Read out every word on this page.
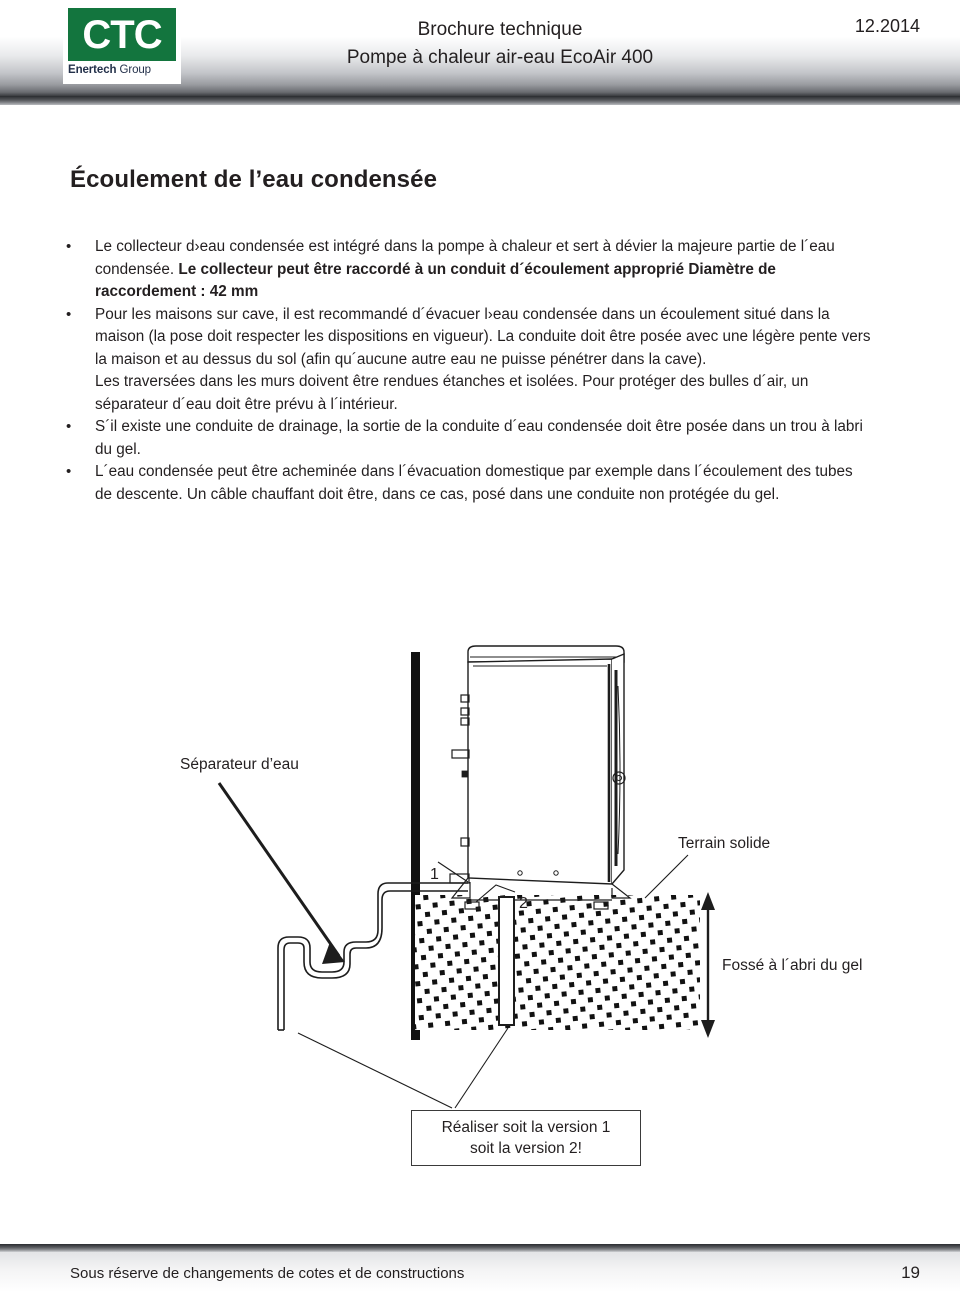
CTC
Enertech Group
Brochure technique
Pompe à chaleur air-eau EcoAir 400
12.2014
Écoulement de l’eau condensée
• Le collecteur d›eau condensée est intégré dans la pompe à chaleur et sert à dévier la majeure partie de l´eau condensée. Le collecteur peut être raccordé à un conduit d´écoulement approprié Diamètre de raccordement : 42 mm
• Pour les maisons sur cave, il est recommandé d´évacuer l›eau condensée dans un écoulement situé dans la maison (la pose doit respecter les dispositions en vigueur). La conduite doit être posée avec une légère pente vers la maison et au dessus du sol (afin qu´aucune autre eau ne puisse pénétrer dans la cave).
Les traversées dans les murs doivent être rendues étanches et isolées. Pour protéger des bulles d´air, un séparateur d´eau doit être prévu à l´intérieur.
• S´il existe une conduite de drainage, la sortie de la conduite d´eau condensée doit être posée dans un trou à labri du gel.
• L´eau condensée peut être acheminée dans l´évacuation domestique par exemple dans l´écoulement des tubes de descente. Un câble chauffant doit être, dans ce cas, posé dans une conduite non protégée du gel.
Séparateur d’eau
Terrain solide
Fossé à l´abri du gel
1
2
Réaliser soit la version 1
soit la version 2!
Sous réserve de changements de cotes et de constructions	19
